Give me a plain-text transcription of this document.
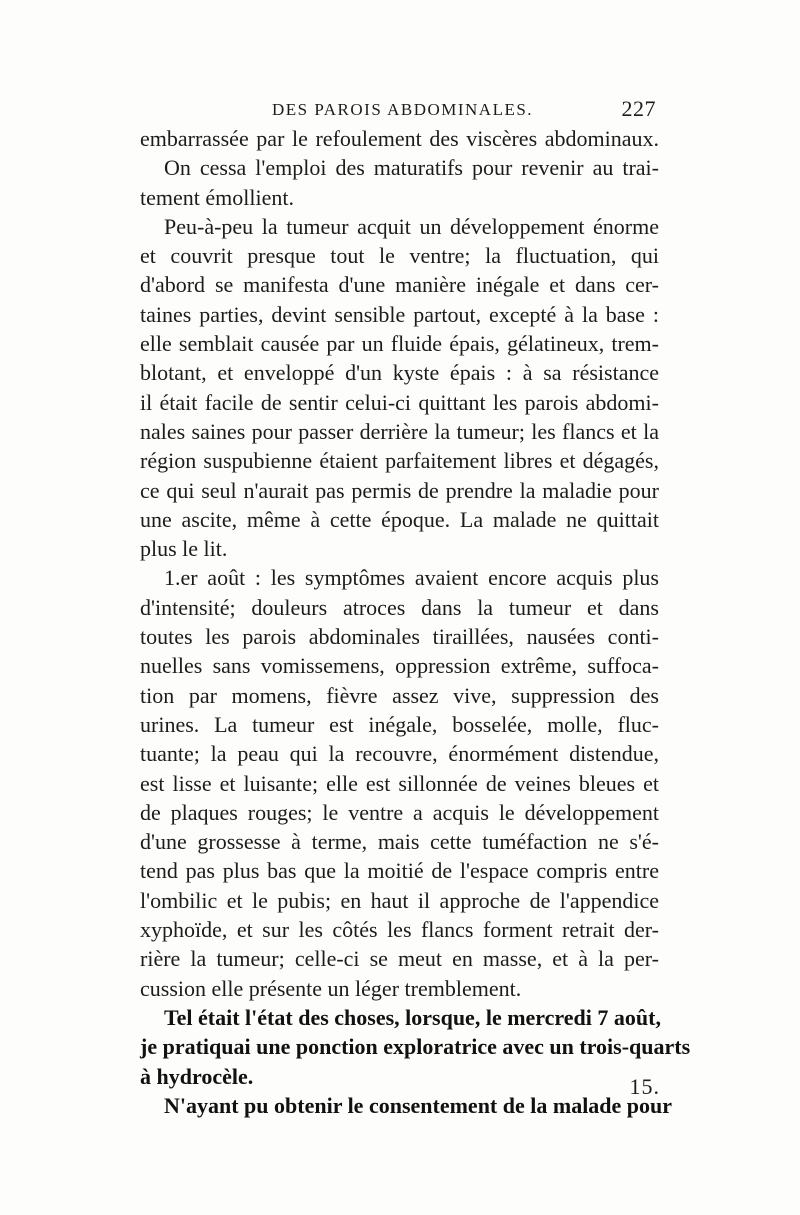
DES PAROIS ABDOMINALES.	227
embarrassée par le refoulement des viscères abdominaux.
On cessa l'emploi des maturatifs pour revenir au trai-
tement émollient.
Peu-à-peu la tumeur acquit un développement énorme
et couvrit presque tout le ventre; la fluctuation, qui
d'abord se manifesta d'une manière inégale et dans cer-
taines parties, devint sensible partout, excepté à la base :
elle semblait causée par un fluide épais, gélatineux, trem-
blotant, et enveloppé d'un kyste épais : à sa résistance
il était facile de sentir celui-ci quittant les parois abdomi-
nales saines pour passer derrière la tumeur; les flancs et la
région suspubienne étaient parfaitement libres et dégagés,
ce qui seul n'aurait pas permis de prendre la maladie pour
une ascite, même à cette époque. La malade ne quittait
plus le lit.
1.er août : les symptômes avaient encore acquis plus
d'intensité; douleurs atroces dans la tumeur et dans
toutes les parois abdominales tiraillées, nausées conti-
nuelles sans vomissemens, oppression extrême, suffoca-
tion par momens, fièvre assez vive, suppression des
urines. La tumeur est inégale, bosselée, molle, fluc-
tuante; la peau qui la recouvre, énormément distendue,
est lisse et luisante; elle est sillonnée de veines bleues et
de plaques rouges; le ventre a acquis le développement
d'une grossesse à terme, mais cette tuméfaction ne s'é-
tend pas plus bas que la moitié de l'espace compris entre
l'ombilic et le pubis; en haut il approche de l'appendice
xyphoïde, et sur les côtés les flancs forment retrait der-
rière la tumeur; celle-ci se meut en masse, et à la per-
cussion elle présente un léger tremblement.
Tel était l'état des choses, lorsque, le mercredi 7 août,
je pratiquai une ponction exploratrice avec un trois-quarts
à hydrocèle.
N'ayant pu obtenir le consentement de la malade pour
15.
